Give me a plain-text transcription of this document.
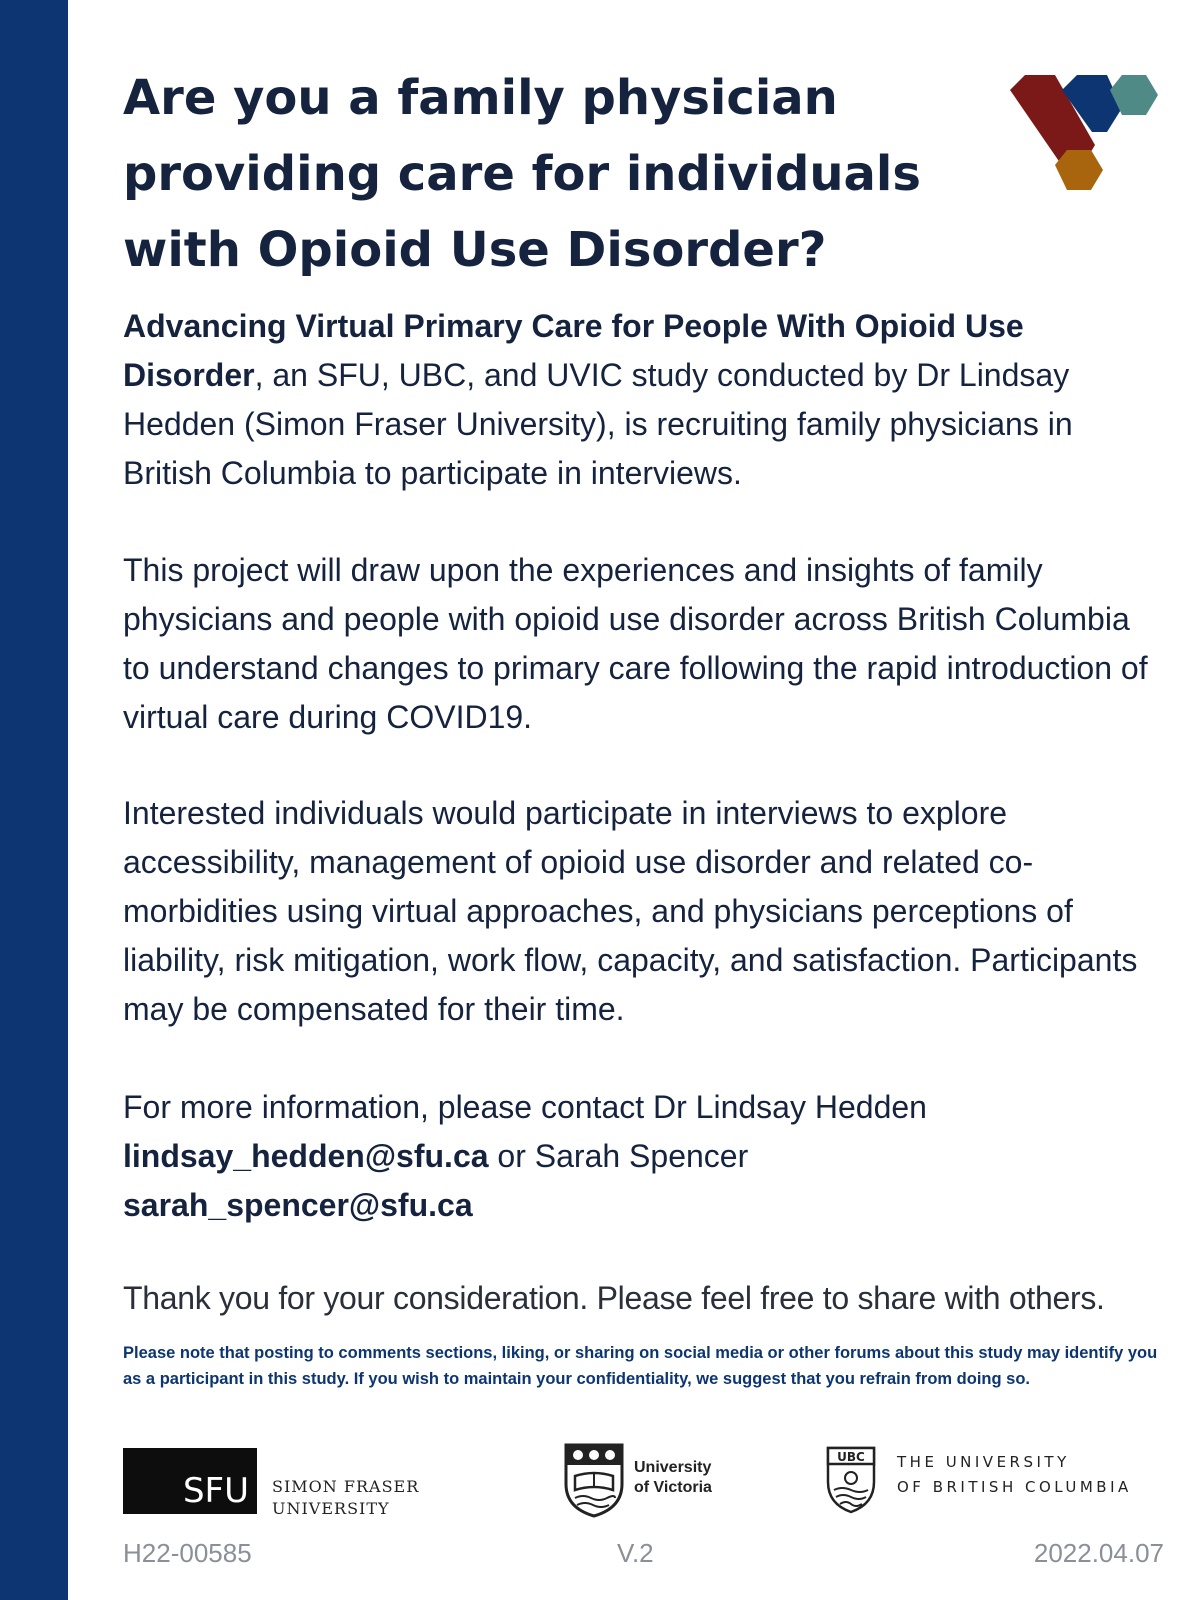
Are you a family physician providing care for individuals with Opioid Use Disorder?

Advancing Virtual Primary Care for People With Opioid Use Disorder, an SFU, UBC, and UVIC study conducted by Dr Lindsay Hedden (Simon Fraser University), is recruiting family physicians in British Columbia to participate in interviews.

This project will draw upon the experiences and insights of family physicians and people with opioid use disorder across British Columbia to understand changes to primary care following the rapid introduction of virtual care during COVID19.

Interested individuals would participate in interviews to explore accessibility, management of opioid use disorder and related co-morbidities using virtual approaches, and physicians perceptions of liability, risk mitigation, work flow, capacity, and satisfaction. Participants may be compensated for their time.

For more information, please contact Dr Lindsay Hedden
lindsay_hedden@sfu.ca or Sarah Spencer
sarah_spencer@sfu.ca

Thank you for your consideration. Please feel free to share with others.

Please note that posting to comments sections, liking, or sharing on social media or other forums about this study may identify you as a participant in this study. If you wish to maintain your confidentiality, we suggest that you refrain from doing so.

SFU SIMON FRASER
UNIVERSITY
University
of Victoria
UBC THE UNIVERSITY
OF BRITISH COLUMBIA
H22-00585	V.2	2022.04.07
